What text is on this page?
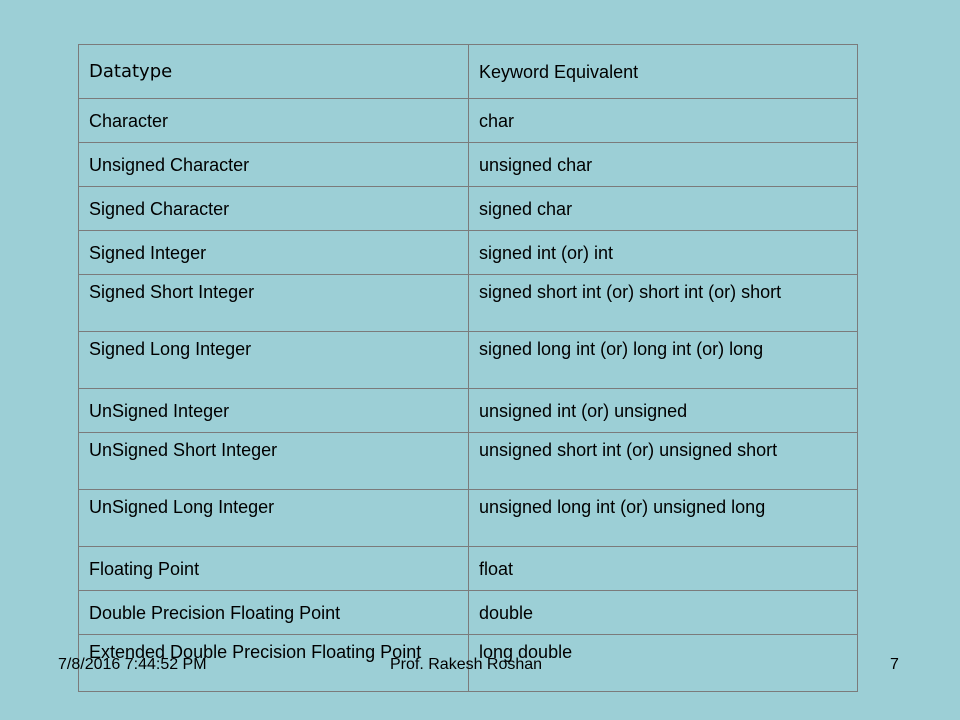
Datatype	Keyword Equivalent
Character	char
Unsigned Character	unsigned char
Signed Character	signed char
Signed Integer	signed int (or) int
Signed Short Integer	signed short int (or) short int (or) short
Signed Long Integer	signed long int (or) long int (or) long
UnSigned Integer	unsigned int (or) unsigned
UnSigned Short Integer	unsigned short int (or) unsigned short
UnSigned Long Integer	unsigned long int (or) unsigned long
Floating Point	float
Double Precision Floating Point	double
Extended Double Precision Floating Point	long double
7/8/2016 7:44:52 PM	Prof. Rakesh Roshan	7
